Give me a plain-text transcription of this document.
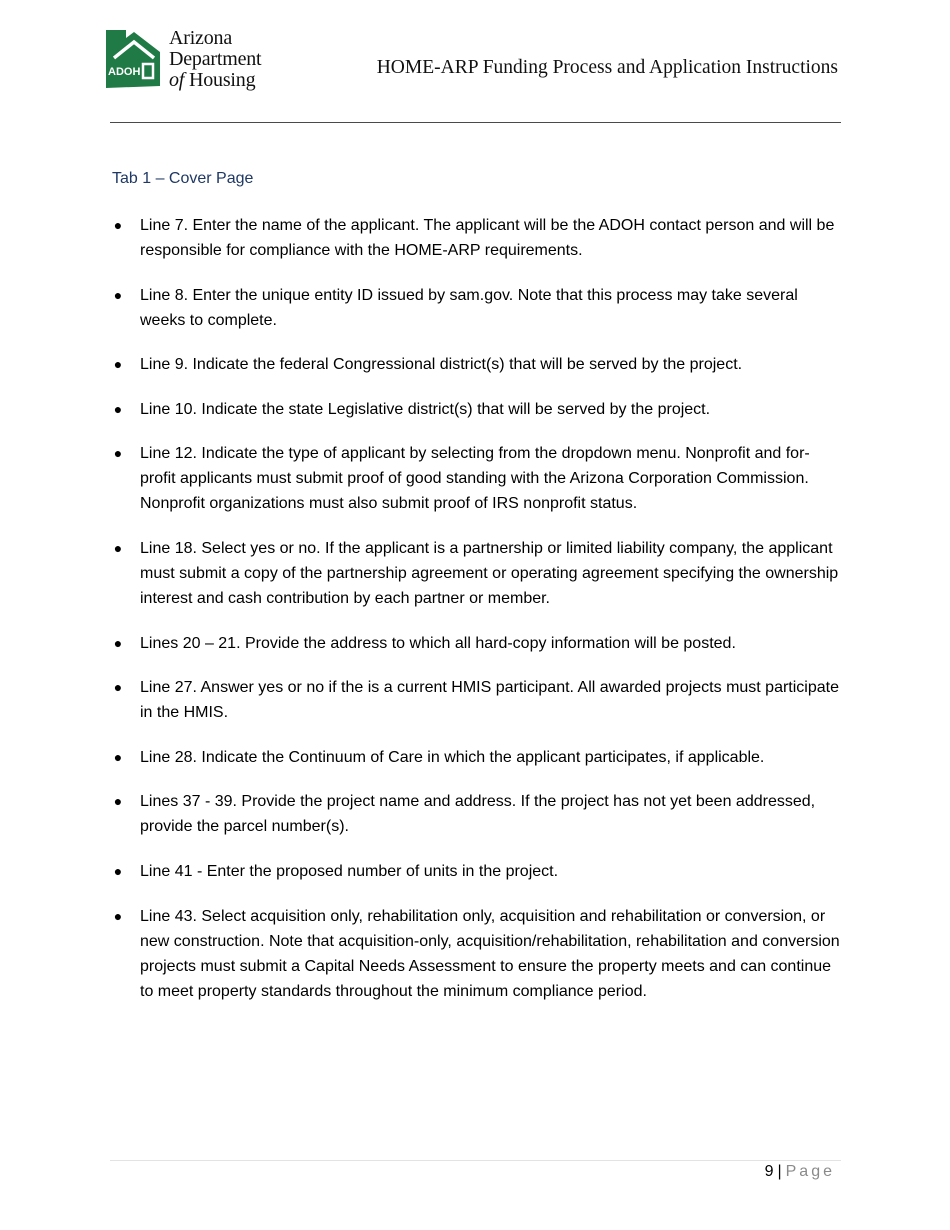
ADOH
Arizona
Department
of Housing
HOME-ARP Funding Process and Application Instructions
Tab 1 – Cover Page
● Line 7. Enter the name of the applicant. The applicant will be the ADOH contact person and will be responsible for compliance with the HOME-ARP requirements.
● Line 8. Enter the unique entity ID issued by sam.gov. Note that this process may take several weeks to complete.
● Line 9. Indicate the federal Congressional district(s) that will be served by the project.
● Line 10. Indicate the state Legislative district(s) that will be served by the project.
● Line 12. Indicate the type of applicant by selecting from the dropdown menu. Nonprofit and for-profit applicants must submit proof of good standing with the Arizona Corporation Commission. Nonprofit organizations must also submit proof of IRS nonprofit status.
● Line 18. Select yes or no. If the applicant is a partnership or limited liability company, the applicant must submit a copy of the partnership agreement or operating agreement specifying the ownership interest and cash contribution by each partner or member.
● Lines 20 – 21. Provide the address to which all hard-copy information will be posted.
● Line 27. Answer yes or no if the is a current HMIS participant. All awarded projects must participate in the HMIS.
● Line 28. Indicate the Continuum of Care in which the applicant participates, if applicable.
● Lines 37 - 39. Provide the project name and address. If the project has not yet been addressed, provide the parcel number(s).
● Line 41 - Enter the proposed number of units in the project.
● Line 43. Select acquisition only, rehabilitation only, acquisition and rehabilitation or conversion, or new construction. Note that acquisition-only, acquisition/rehabilitation, rehabilitation and conversion projects must submit a Capital Needs Assessment to ensure the property meets and can continue to meet property standards throughout the minimum compliance period.
9 | Page
